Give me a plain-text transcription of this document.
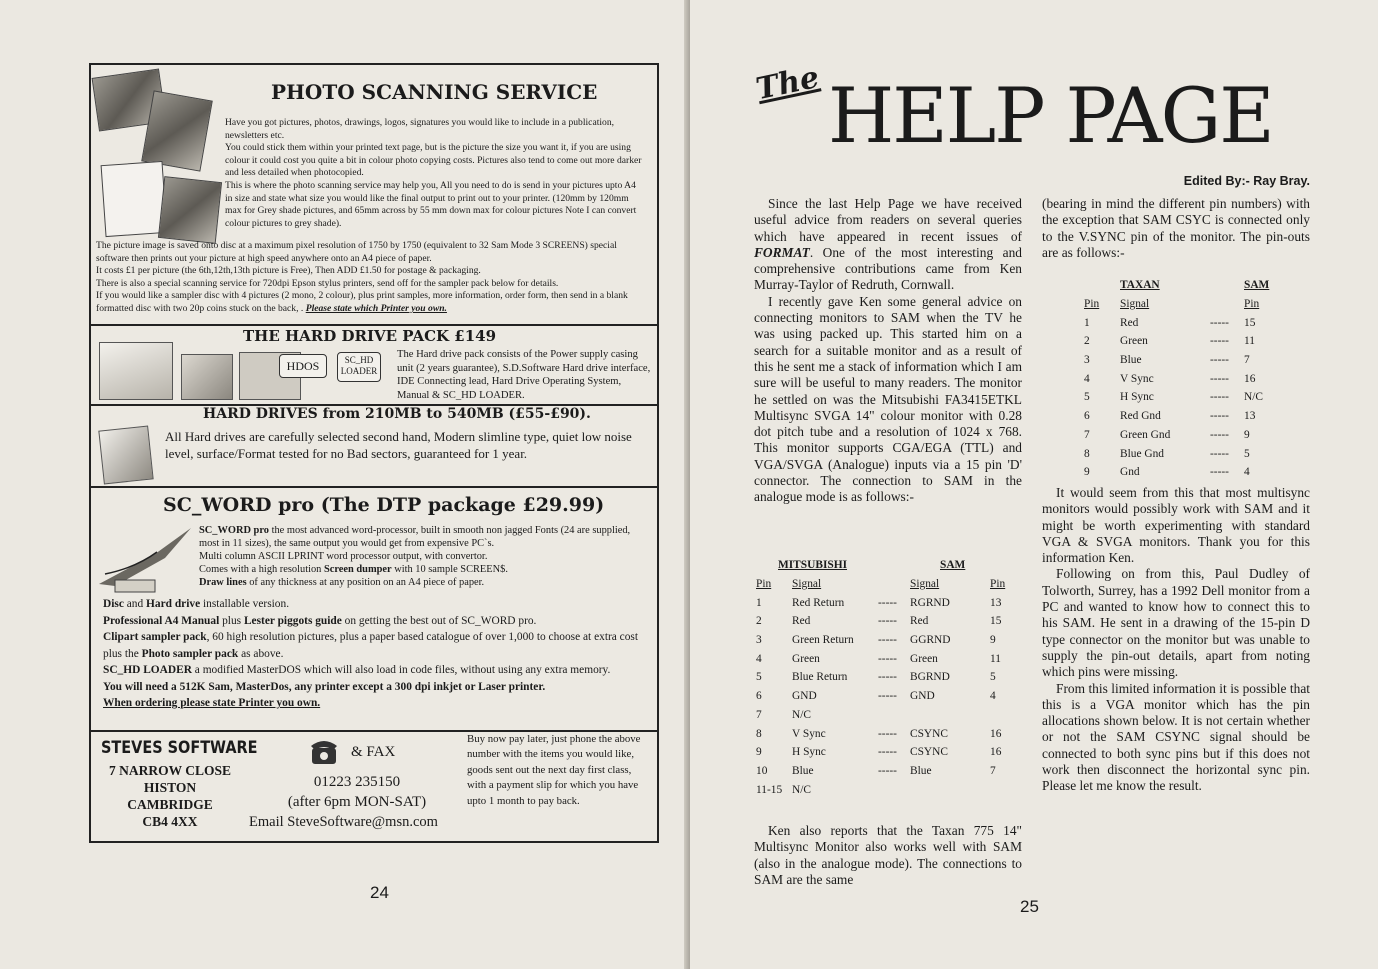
PHOTO SCANNING SERVICE
Have you got pictures, photos, drawings, logos, signatures you would like to include in a publication, newsletters etc.
You could stick them within your printed text page, but is the picture the size you want it, if you are using colour it could cost you quite a bit in colour photo copying costs. Pictures also tend to come out more darker and less detailed when photocopied.
This is where the photo scanning service may help you, All you need to do is send in your pictures upto A4 in size and state what size you would like the final output to print out to your printer. (120mm by 120mm max for Grey shade pictures, and 65mm across by 55 mm down max for colour pictures Note I can convert colour pictures to grey shade).
The picture image is saved onto disc at a maximum pixel resolution of 1750 by 1750 (equivalent to 32 Sam Mode 3 SCREENS) special software then prints out your picture at high speed anywhere onto an A4 piece of paper.
It costs £1 per picture (the 6th,12th,13th picture is Free), Then ADD £1.50 for postage & packaging.
There is also a special scanning service for 720dpi Epson stylus printers, send off for the sampler pack below for details.
If you would like a sampler disc with 4 pictures (2 mono, 2 colour), plus print samples, more information, order form, then send in a blank formatted disc with two 20p coins stuck on the back, . Please state which Printer you own.
THE HARD DRIVE PACK £149
HDOS	SC_HD LOADER
The Hard drive pack consists of the Power supply casing unit (2 years guarantee), S.D.Software Hard drive interface, IDE Connecting lead, Hard Drive Operating System, Manual & SC_HD LOADER.
HARD DRIVES from 210MB to 540MB (£55-£90).
All Hard drives are carefully selected second hand, Modern slimline type, quiet low noise level, surface/Format tested for no Bad sectors, guaranteed for 1 year.
SC_WORD pro (The DTP package £29.99)
SC_WORD pro the most advanced word-processor, built in smooth non jagged Fonts (24 are supplied, most in 11 sizes), the same output you would get from expensive PC`s.
Multi column ASCII LPRINT word processor output, with convertor.
Comes with a high resolution Screen dumper with 10 sample SCREEN$.
Draw lines of any thickness at any position on an A4 piece of paper.
Disc and Hard drive installable version.
Professional A4 Manual plus Lester piggots guide on getting the best out of SC_WORD pro.
Clipart sampler pack, 60 high resolution pictures, plus a paper based catalogue of over 1,000 to choose at extra cost plus the Photo sampler pack as above.
SC_HD LOADER a modified MasterDOS which will also load in code files, without using any extra memory.
You will need a 512K Sam, MasterDos, any printer except a 300 dpi inkjet or Laser printer.
When ordering please state Printer you own.
STEVES SOFTWARE
7 NARROW CLOSE
HISTON
CAMBRIDGE
CB4 4XX
& FAX
01223 235150
(after 6pm MON-SAT)
Email SteveSoftware@msn.com
Buy now pay later, just phone the above number with the items you would like, goods sent out the next day first class, with a payment slip for which you have upto 1 month to pay back.
24
The HELP PAGE
Edited By:- Ray Bray.

Since the last Help Page we have received useful advice from readers on several queries which have appeared in recent issues of FORMAT. One of the most interesting and comprehensive contributions came from Ken Murray-Taylor of Redruth, Cornwall.

I recently gave Ken some general advice on connecting monitors to SAM when the TV he was using packed up. This started him on a search for a suitable monitor and as a result of this he sent me a stack of information which I am sure will be useful to many readers. The monitor he settled on was the Mitsubishi FA3415ETKL Multisync SVGA 14" colour monitor with 0.28 dot pitch tube and a resolution of 1024 x 768. This monitor supports CGA/EGA (TTL) and VGA/SVGA (Analogue) inputs via a 15 pin 'D' connector. The connection to SAM in the analogue mode is as follows:-

MITSUBISHI			SAM	
Pin	Signal		Signal	Pin
1	Red Return	-----	RGRND	13
2	Red	-----	Red	15
3	Green Return	-----	GGRND	9
4	Green	-----	Green	11
5	Blue Return	-----	BGRND	5
6	GND	-----	GND	4
7	N/C			
8	V Sync	-----	CSYNC	16
9	H Sync	-----	CSYNC	16
10	Blue	-----	Blue	7
11-15	N/C			

Ken also reports that the Taxan 775 14" Multisync Monitor also works well with SAM (also in the analogue mode). The connections to SAM are the same

(bearing in mind the different pin numbers) with the exception that SAM CSYC is connected only to the V.SYNC pin of the monitor. The pin-outs are as follows:-

TAXAN			SAM
Pin	Signal		Pin
1	Red	-----	15
2	Green	-----	11
3	Blue	-----	7
4	V Sync	-----	16
5	H Sync	-----	N/C
6	Red Gnd	-----	13
7	Green Gnd	-----	9
8	Blue Gnd	-----	5
9	Gnd	-----	4

It would seem from this that most multisync monitors would possibly work with SAM and it might be worth experimenting with standard VGA & SVGA monitors. Thank you for this information Ken.

Following on from this, Paul Dudley of Tolworth, Surrey, has a 1992 Dell monitor from a PC and wanted to know how to connect this to his SAM. He sent in a drawing of the 15-pin D type connector on the monitor but was unable to supply the pin-out details, apart from noting which pins were missing.

From this limited information it is possible that this is a VGA monitor which has the pin allocations shown below. It is not certain whether or not the SAM CSYNC signal should be connected to both sync pins but if this does not work then disconnect the horizontal sync pin. Please let me know the result.

25
